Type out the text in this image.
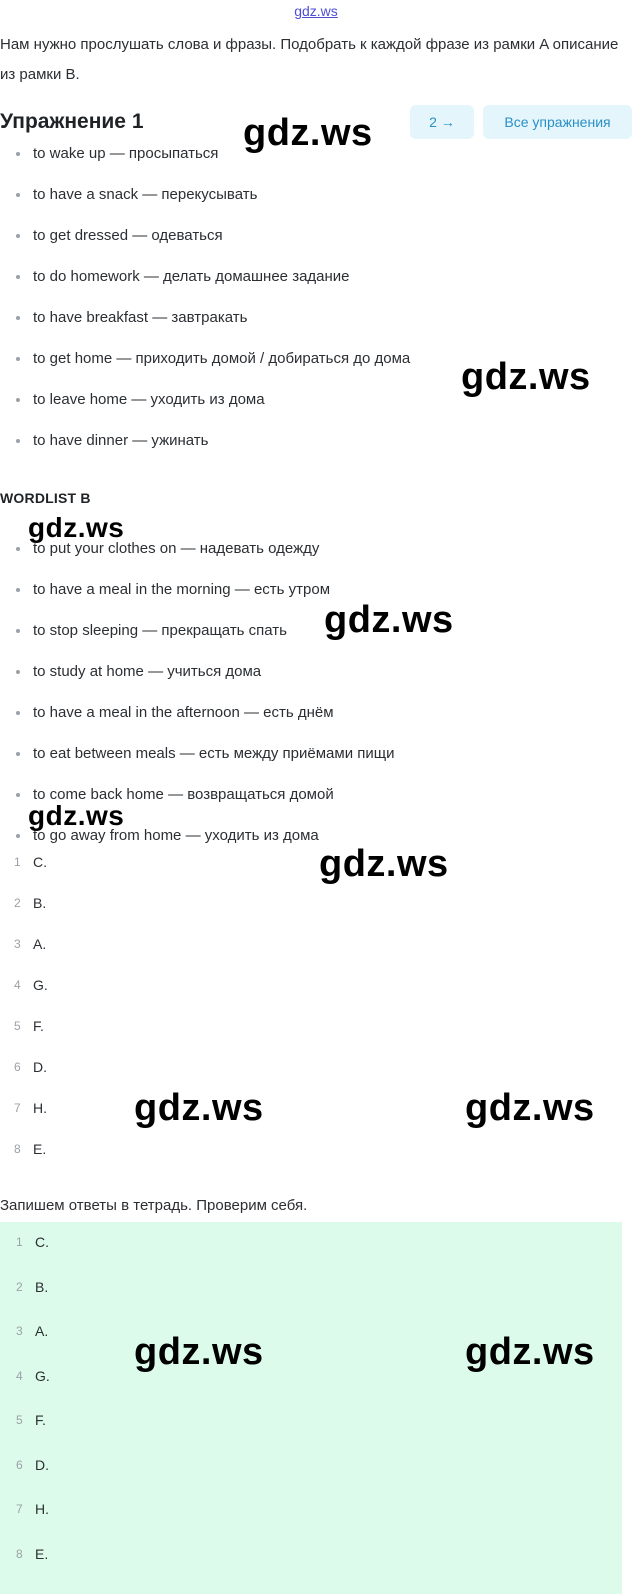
gdz.ws
Нам нужно прослушать слова и фразы. Подобрать к каждой фразе из рамки A описание из рамки B.
Упражнение 1	2 →	Все упражнения
to wake up — просыпаться
to have a snack — перекусывать
to get dressed — одеваться
to do homework — делать домашнее задание
to have breakfast — завтракать
to get home — приходить домой / добираться до дома
to leave home — уходить из дома
to have dinner — ужинать
WORDLIST B
to put your clothes on — надевать одежду
to have a meal in the morning — есть утром
to stop sleeping — прекращать спать
to study at home — учиться дома
to have a meal in the afternoon — есть днём
to eat between meals — есть между приёмами пищи
to come back home — возвращаться домой
to go away from home — уходить из дома
1 C.
2 B.
3 A.
4 G.
5 F.
6 D.
7 H.
8 E.
Запишем ответы в тетрадь. Проверим себя.
1 C.
2 B.
3 A.
4 G.
5 F.
6 D.
7 H.
8 E.
gdz.ws
gdz.ws
gdz.ws
gdz.ws
gdz.ws
gdz.ws
gdz.ws	gdz.ws
gdz.ws	gdz.ws
